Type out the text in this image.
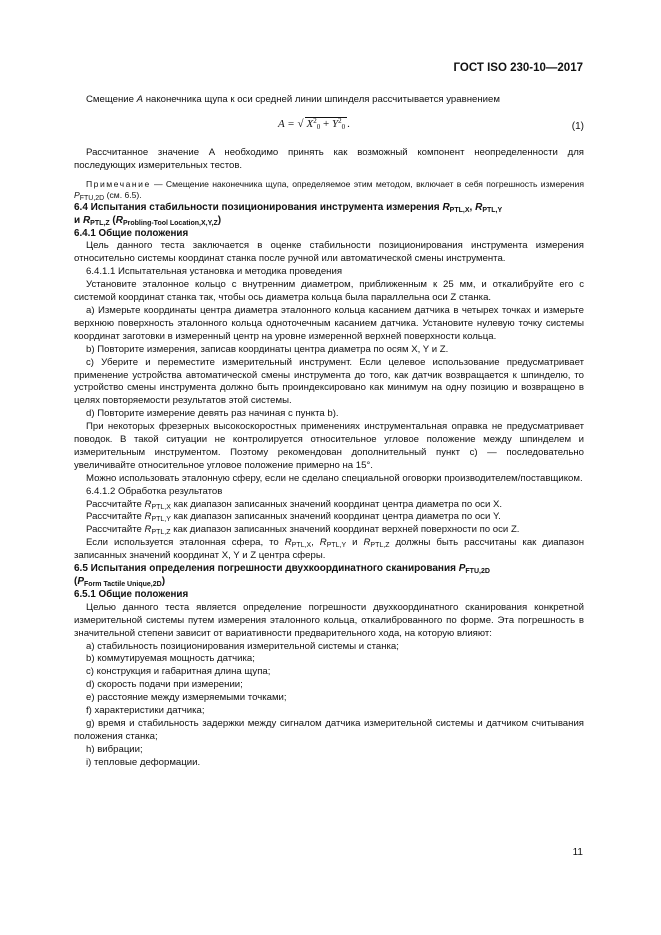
ГОСТ ISO 230-10—2017

Смещение A наконечника щупа к оси средней линии шпинделя рассчитывается уравнением

A = √ $X^2_0 + Y^2_0$ .	(1)

Рассчитанное значение A необходимо принять как возможный компонент неопределенности для последующих измерительных тестов.

Примечание — Смещение наконечника щупа, определяемое этим методом, включает в себя погрешность измерения $P_{FTU,2D}$ (см. 6.5).

6.4 Испытания стабильности позиционирования инструмента измерения $R_{PTL,X}$, $R_{PTL,Y}$
и $R_{PTL,Z}$ $(R_{Probling-Tool Location,X,Y,Z})$

6.4.1 Общие положения

Цель данного теста заключается в оценке стабильности позиционирования инструмента измерения относительно системы координат станка после ручной или автоматической смены инструмента.

6.4.1.1 Испытательная установка и методика проведения

Установите эталонное кольцо с внутренним диаметром, приближенным к 25 мм, и откалибруйте его с системой координат станка так, чтобы ось диаметра кольца была параллельна оси Z станка.

а) Измерьте координаты центра диаметра эталонного кольца касанием датчика в четырех точках и измерьте верхнюю поверхность эталонного кольца одноточечным касанием датчика. Установите нулевую точку системы координат заготовки в измеренный центр на уровне измеренной верхней поверхности кольца.

b) Повторите измерения, записав координаты центра диаметра по осям X, Y и Z.

c) Уберите и переместите измерительный инструмент. Если целевое использование предусматривает применение устройства автоматической смены инструмента до того, как датчик возвращается к шпинделю, то устройство смены инструмента должно быть проиндексировано как минимум на одну позицию и возвращено в целях повторяемости результатов этой системы.

d) Повторите измерение девять раз начиная с пункта b).

При некоторых фрезерных высокоскоростных применениях инструментальная оправка не предусматривает поводок. В такой ситуации не контролируется относительное угловое положение между шпинделем и измерительным инструментом. Поэтому рекомендован дополнительный пункт c) — последовательно увеличивайте относительное угловое положение примерно на 15°.

Можно использовать эталонную сферу, если не сделано специальной оговорки производителем/поставщиком.

6.4.1.2 Обработка результатов

Рассчитайте $R_{PTL,X}$ как диапазон записанных значений координат центра диаметра по оси X.

Рассчитайте $R_{PTL,Y}$ как диапазон записанных значений координат центра диаметра по оси Y.

Рассчитайте $R_{PTL,Z}$ как диапазон записанных значений координат верхней поверхности по оси Z.

Если используется эталонная сфера, то $R_{PTL,X}$, $R_{PTL,Y}$ и $R_{PTL,Z}$ должны быть рассчитаны как диапазон записанных значений координат X, Y и Z центра сферы.

6.5 Испытания определения погрешности двухкоординатного сканирования $P_{FTU,2D}$
$(P_{Form Tactile Unique,2D})$

6.5.1 Общие положения

Целью данного теста является определение погрешности двухкоординатного сканирования конкретной измерительной системы путем измерения эталонного кольца, откалиброванного по форме. Эта погрешность в значительной степени зависит от вариативности предварительного хода, на которую влияют:

a) стабильность позиционирования измерительной системы и станка;

b) коммутируемая мощность датчика;

c) конструкция и габаритная длина щупа;

d) скорость подачи при измерении;

e) расстояние между измеряемыми точками;

f) характеристики датчика;

g) время и стабильность задержки между сигналом датчика измерительной системы и датчиком считывания положения станка;

h) вибрации;

i) тепловые деформации.

11
